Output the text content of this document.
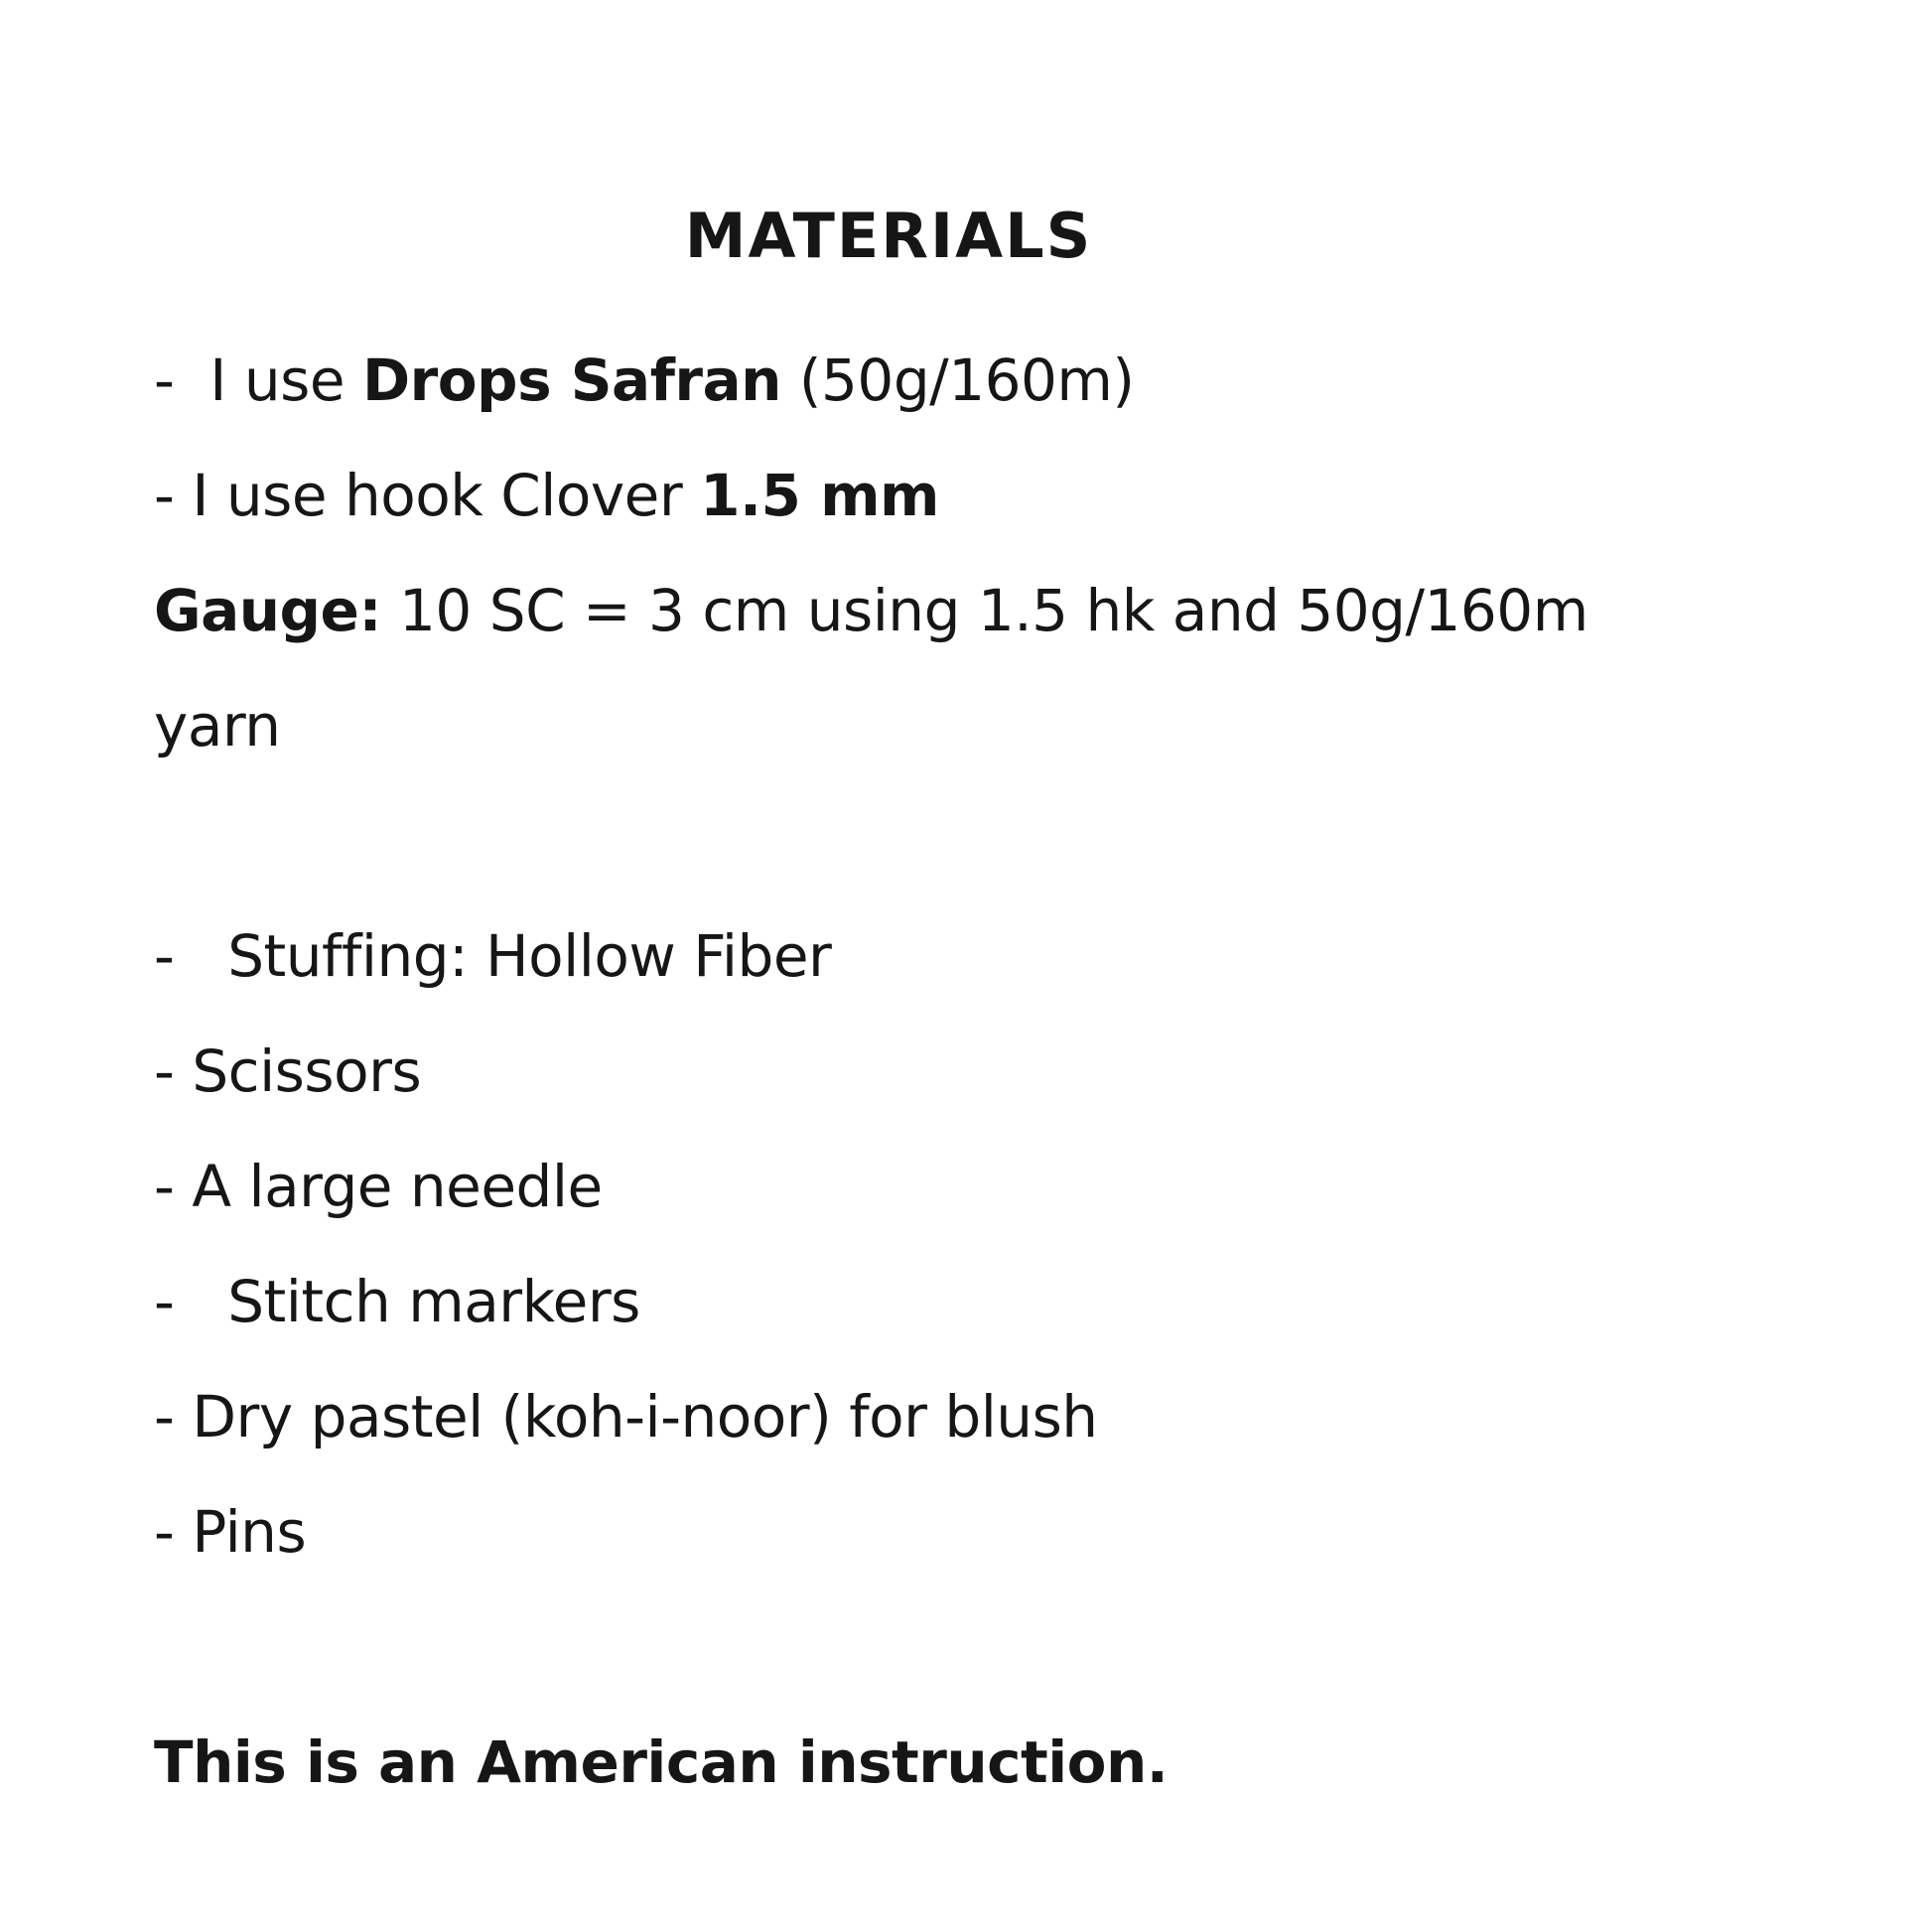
MATERIALS
-  I use Drops Safran (50g/160m)
- I use hook Clover 1.5 mm
Gauge: 10 SC = 3 cm using 1.5 hk and 50g/160m
yarn
-   Stuffing: Hollow Fiber
- Scissors
- A large needle
-   Stitch markers
- Dry pastel (koh-i-noor) for blush
- Pins
This is an American instruction.
